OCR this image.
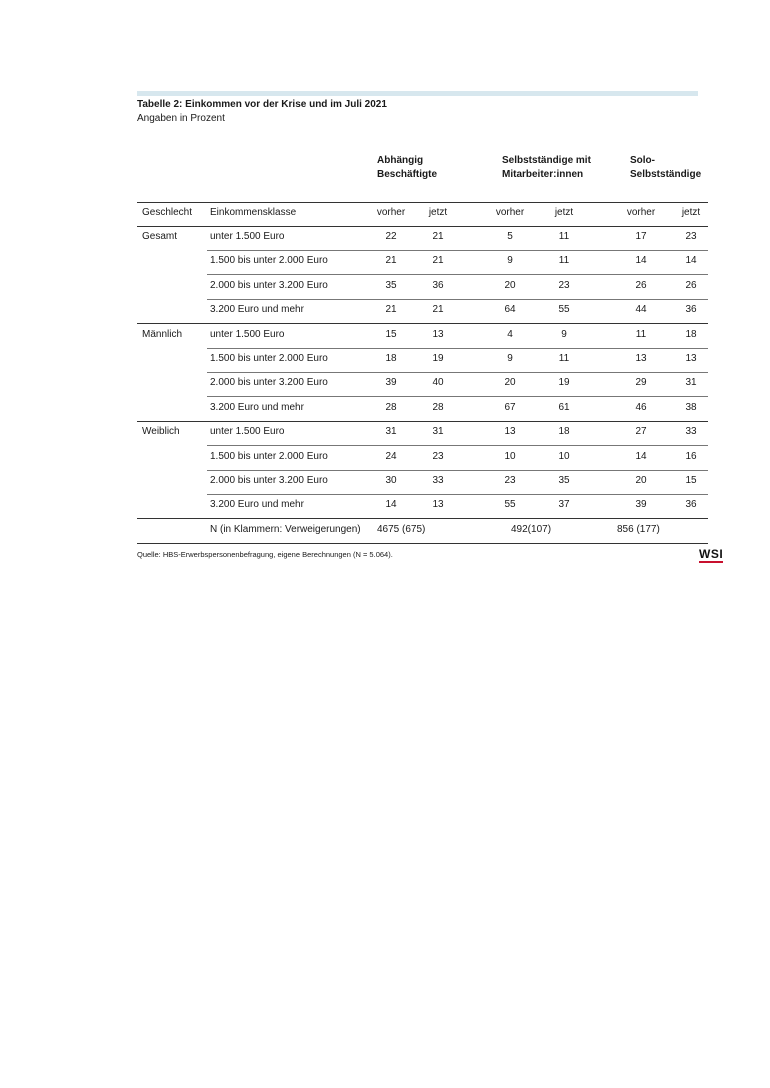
Tabelle 2: Einkommen vor der Krise und im Juli 2021
Angaben in Prozent
Abhängig
Beschäftigte
Selbstständige mit
Mitarbeiter:innen
Solo-
Selbstständige
Geschlecht Einkommensklasse	vorher	jetzt	vorher	jetzt	vorher	jetzt
Gesamt	unter 1.500 Euro	22	21	5	11	17	23
1.500 bis unter 2.000 Euro	21	21	9	11	14	14
2.000 bis unter 3.200 Euro	35	36	20	23	26	26
3.200 Euro und mehr	21	21	64	55	44	36
Männlich	unter 1.500 Euro	15	13	4	9	11	18
1.500 bis unter 2.000 Euro	18	19	9	11	13	13
2.000 bis unter 3.200 Euro	39	40	20	19	29	31
3.200 Euro und mehr	28	28	67	61	46	38
Weiblich	unter 1.500 Euro	31	31	13	18	27	33
1.500 bis unter 2.000 Euro	24	23	10	10	14	16
2.000 bis unter 3.200 Euro	30	33	23	35	20	15
3.200 Euro und mehr	14	13	55	37	39	36
N (in Klammern: Verweigerungen) 4675 (675)	492(107)	856 (177)
Quelle: HBS-Erwerbspersonenbefragung, eigene Berechnungen (N = 5.064).	WSI
